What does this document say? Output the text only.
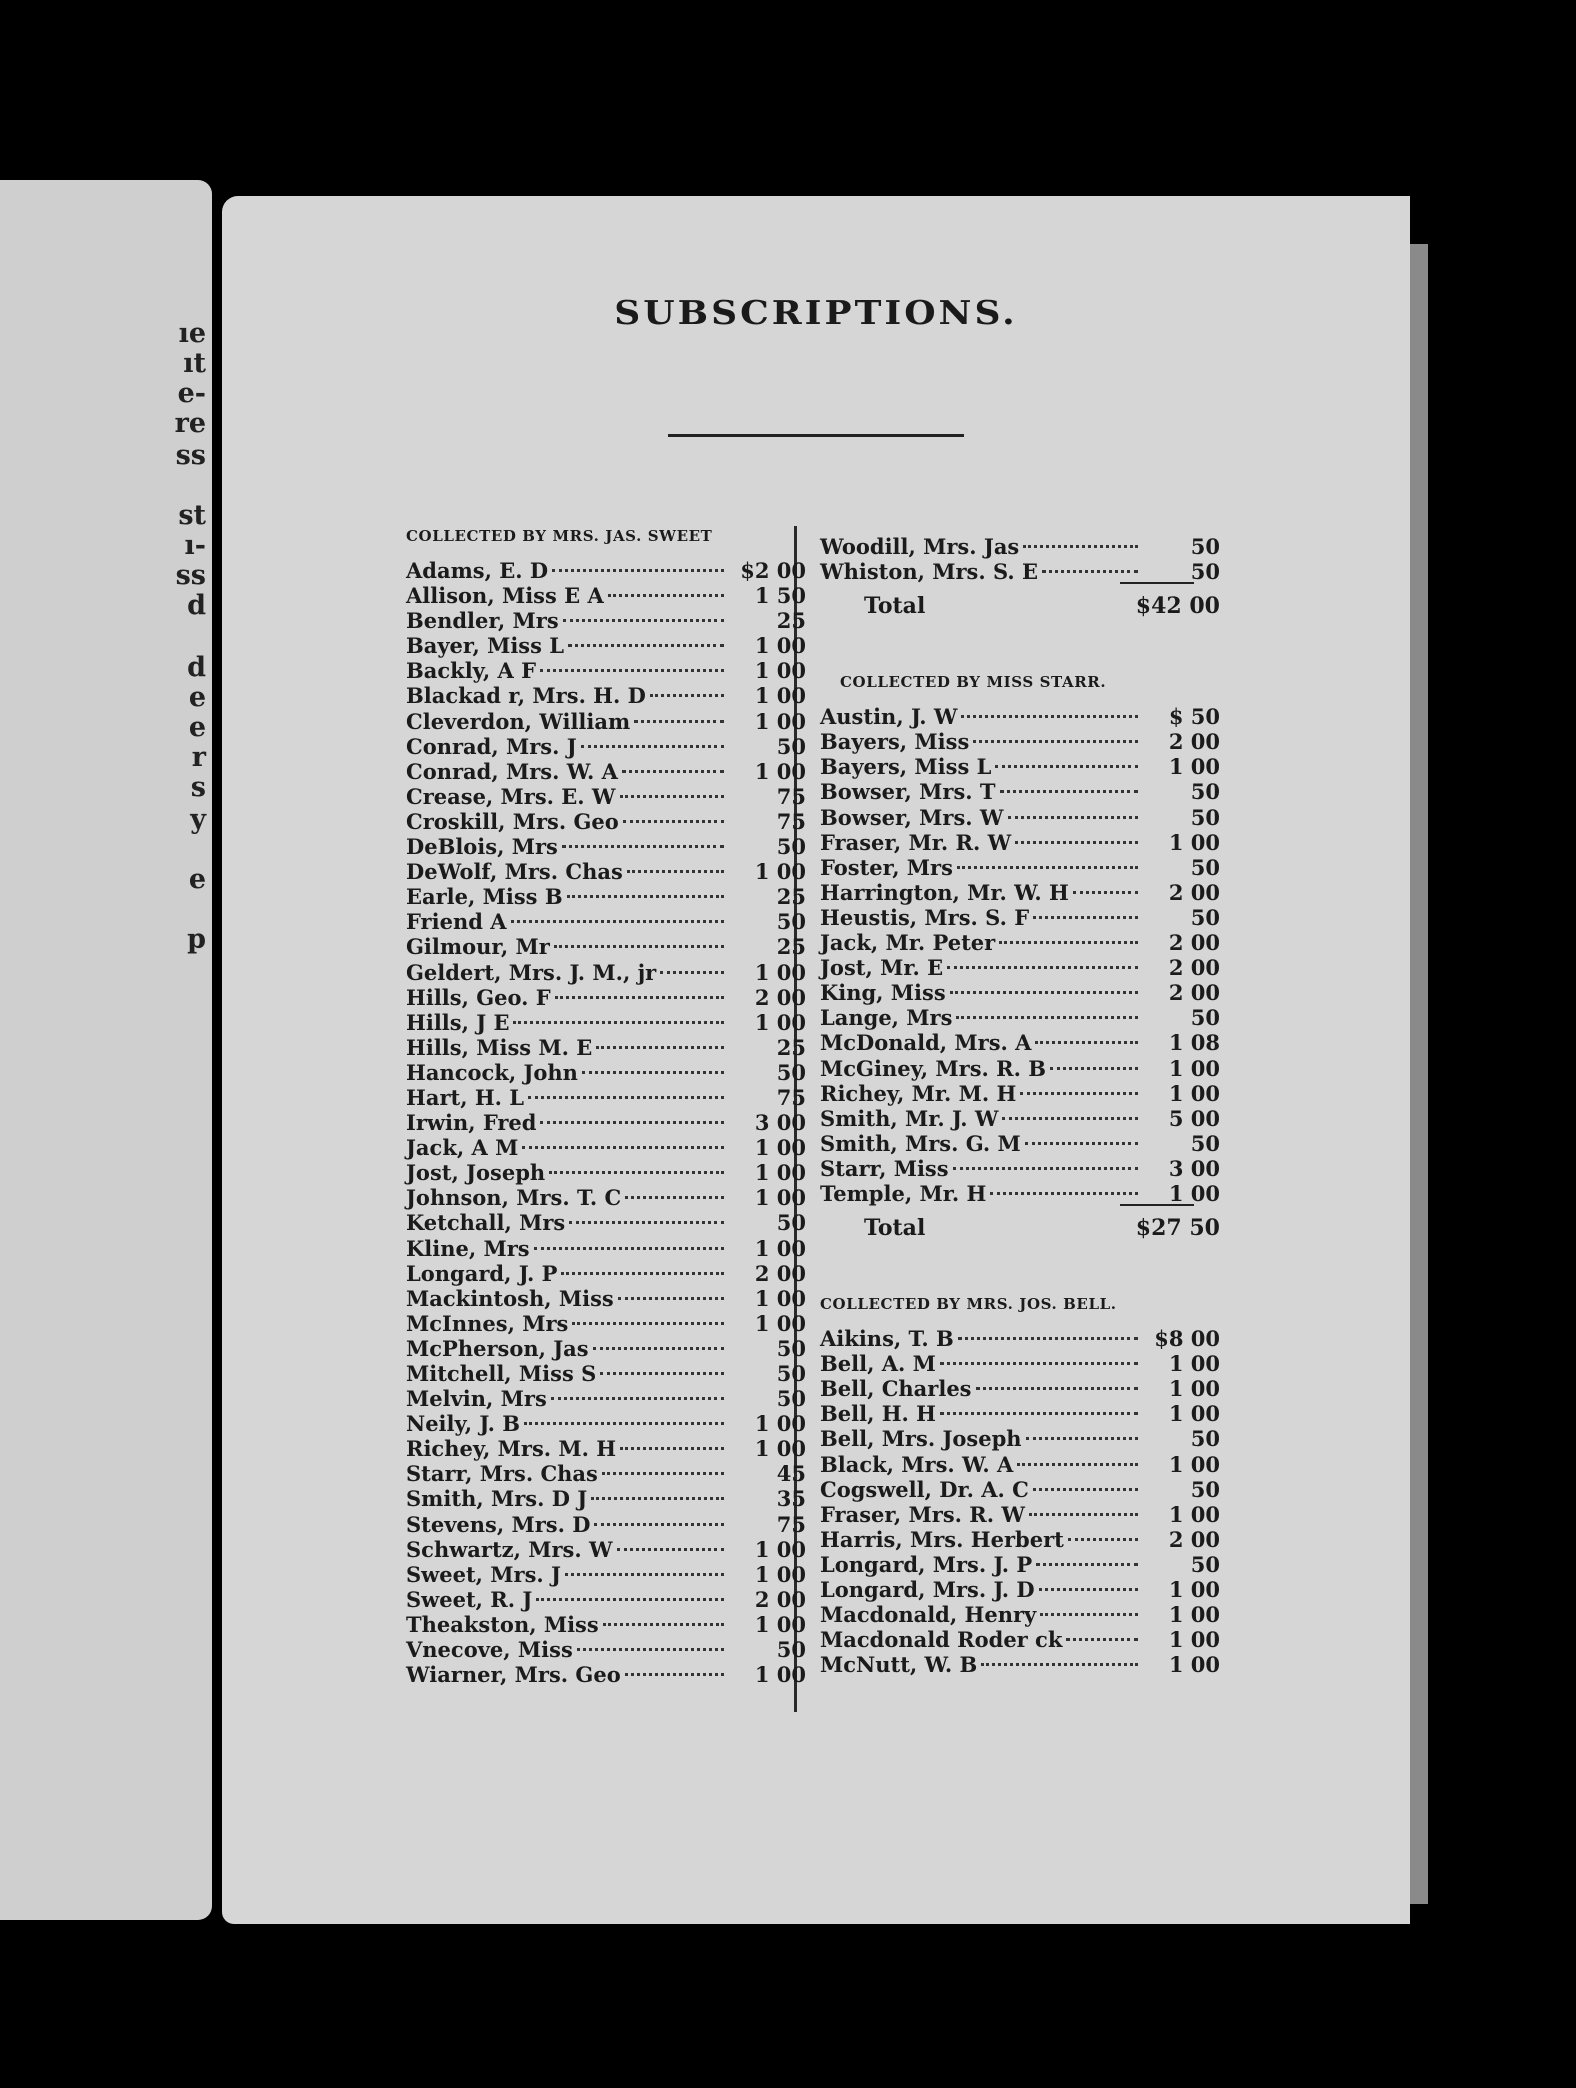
ıe
ıt
e-
re
ss
st
ı-
ss
d
d
e
e
r
s
y
e
p
SUBSCRIPTIONS.
COLLECTED BY MRS. JAS. SWEET
Adams, E. D	$2 00
Allison, Miss E A	1 50
Bendler, Mrs	25
Bayer, Miss L	1 00
Backly, A F	1 00
Blackad r, Mrs. H. D	1 00
Cleverdon, William	1 00
Conrad, Mrs. J	50
Conrad, Mrs. W. A	1 00
Crease, Mrs. E. W	75
Croskill, Mrs. Geo	75
DeBlois, Mrs	50
DeWolf, Mrs. Chas	1 00
Earle, Miss B	25
Friend A	50
Gilmour, Mr	25
Geldert, Mrs. J. M., jr	1 00
Hills, Geo. F	2 00
Hills, J E	1 00
Hills, Miss M. E	25
Hancock, John	50
Hart, H. L	75
Irwin, Fred	3 00
Jack, A M	1 00
Jost, Joseph	1 00
Johnson, Mrs. T. C	1 00
Ketchall, Mrs	50
Kline, Mrs	1 00
Longard, J. P	2 00
Mackintosh, Miss	1 00
McInnes, Mrs	1 00
McPherson, Jas	50
Mitchell, Miss S	50
Melvin, Mrs	50
Neily, J. B	1 00
Richey, Mrs. M. H	1 00
Starr, Mrs. Chas	45
Smith, Mrs. D J	35
Stevens, Mrs. D	75
Schwartz, Mrs. W	1 00
Sweet, Mrs. J	1 00
Sweet, R. J	2 00
Theakston, Miss	1 00
Vnecove, Miss	50
Wiarner, Mrs. Geo	1 00
Woodill, Mrs. Jas	50
Whiston, Mrs. S. E	50
Total	$42 00
COLLECTED BY MISS STARR.
Austin, J. W	$ 50
Bayers, Miss	2 00
Bayers, Miss L	1 00
Bowser, Mrs. T	50
Bowser, Mrs. W	50
Fraser, Mr. R. W	1 00
Foster, Mrs	50
Harrington, Mr. W. H	2 00
Heustis, Mrs. S. F	50
Jack, Mr. Peter	2 00
Jost, Mr. E	2 00
King, Miss	2 00
Lange, Mrs	50
McDonald, Mrs. A	1 08
McGiney, Mrs. R. B	1 00
Richey, Mr. M. H	1 00
Smith, Mr. J. W	5 00
Smith, Mrs. G. M	50
Starr, Miss	3 00
Temple, Mr. H	1 00
Total	$27 50
COLLECTED BY MRS. JOS. BELL.
Aikins, T. B	$8 00
Bell, A. M	1 00
Bell, Charles	1 00
Bell, H. H	1 00
Bell, Mrs. Joseph	50
Black, Mrs. W. A	1 00
Cogswell, Dr. A. C	50
Fraser, Mrs. R. W	1 00
Harris, Mrs. Herbert	2 00
Longard, Mrs. J. P	50
Longard, Mrs. J. D	1 00
Macdonald, Henry	1 00
Macdonald Roder ck	1 00
McNutt, W. B	1 00
